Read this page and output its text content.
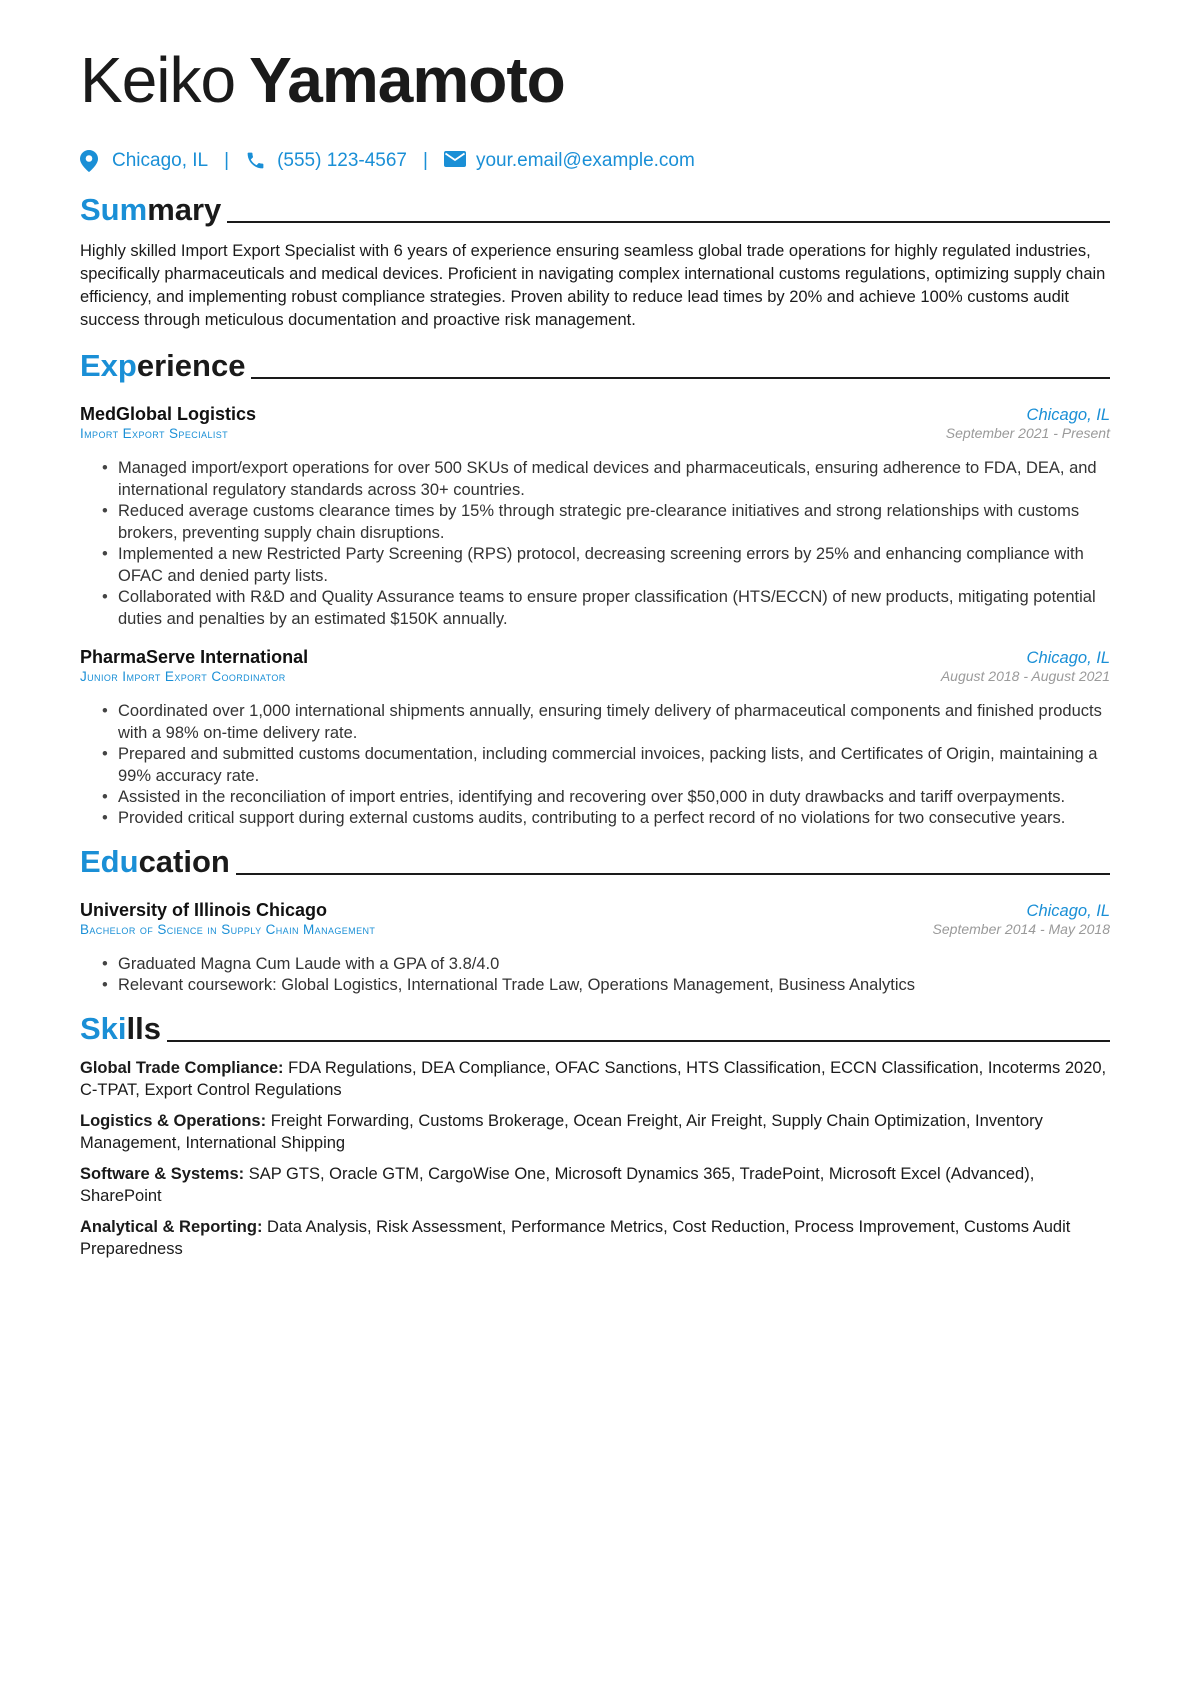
Keiko Yamamoto
Chicago, IL |	(555) 123-4567 |	your.email@example.com
Summary

Highly skilled Import Export Specialist with 6 years of experience ensuring seamless global trade operations for highly regulated industries, specifically pharmaceuticals and medical devices. Proficient in navigating complex international customs regulations, optimizing supply chain efficiency, and implementing robust compliance strategies. Proven ability to reduce lead times by 20% and achieve 100% customs audit success through meticulous documentation and proactive risk management.

Experience
MedGlobal Logistics	Chicago, IL
Import Export Specialist	September 2021 - Present
• Managed import/export operations for over 500 SKUs of medical devices and pharmaceuticals, ensuring adherence to FDA, DEA, and international regulatory standards across 30+ countries.
• Reduced average customs clearance times by 15% through strategic pre-clearance initiatives and strong relationships with customs brokers, preventing supply chain disruptions.
• Implemented a new Restricted Party Screening (RPS) protocol, decreasing screening errors by 25% and enhancing compliance with OFAC and denied party lists.
• Collaborated with R&D and Quality Assurance teams to ensure proper classification (HTS/ECCN) of new products, mitigating potential duties and penalties by an estimated $150K annually.
PharmaServe International	Chicago, IL
Junior Import Export Coordinator	August 2018 - August 2021
• Coordinated over 1,000 international shipments annually, ensuring timely delivery of pharmaceutical components and finished products with a 98% on-time delivery rate.
• Prepared and submitted customs documentation, including commercial invoices, packing lists, and Certificates of Origin, maintaining a 99% accuracy rate.
• Assisted in the reconciliation of import entries, identifying and recovering over $50,000 in duty drawbacks and tariff overpayments.
• Provided critical support during external customs audits, contributing to a perfect record of no violations for two consecutive years.
Education
University of Illinois Chicago	Chicago, IL
Bachelor of Science in Supply Chain Management	September 2014 - May 2018
• Graduated Magna Cum Laude with a GPA of 3.8/4.0
• Relevant coursework: Global Logistics, International Trade Law, Operations Management, Business Analytics
Skills
Global Trade Compliance: FDA Regulations, DEA Compliance, OFAC Sanctions, HTS Classification, ECCN Classification, Incoterms 2020, C-TPAT, Export Control Regulations
Logistics & Operations: Freight Forwarding, Customs Brokerage, Ocean Freight, Air Freight, Supply Chain Optimization, Inventory Management, International Shipping
Software & Systems: SAP GTS, Oracle GTM, CargoWise One, Microsoft Dynamics 365, TradePoint, Microsoft Excel (Advanced), SharePoint
Analytical & Reporting: Data Analysis, Risk Assessment, Performance Metrics, Cost Reduction, Process Improvement, Customs Audit Preparedness
